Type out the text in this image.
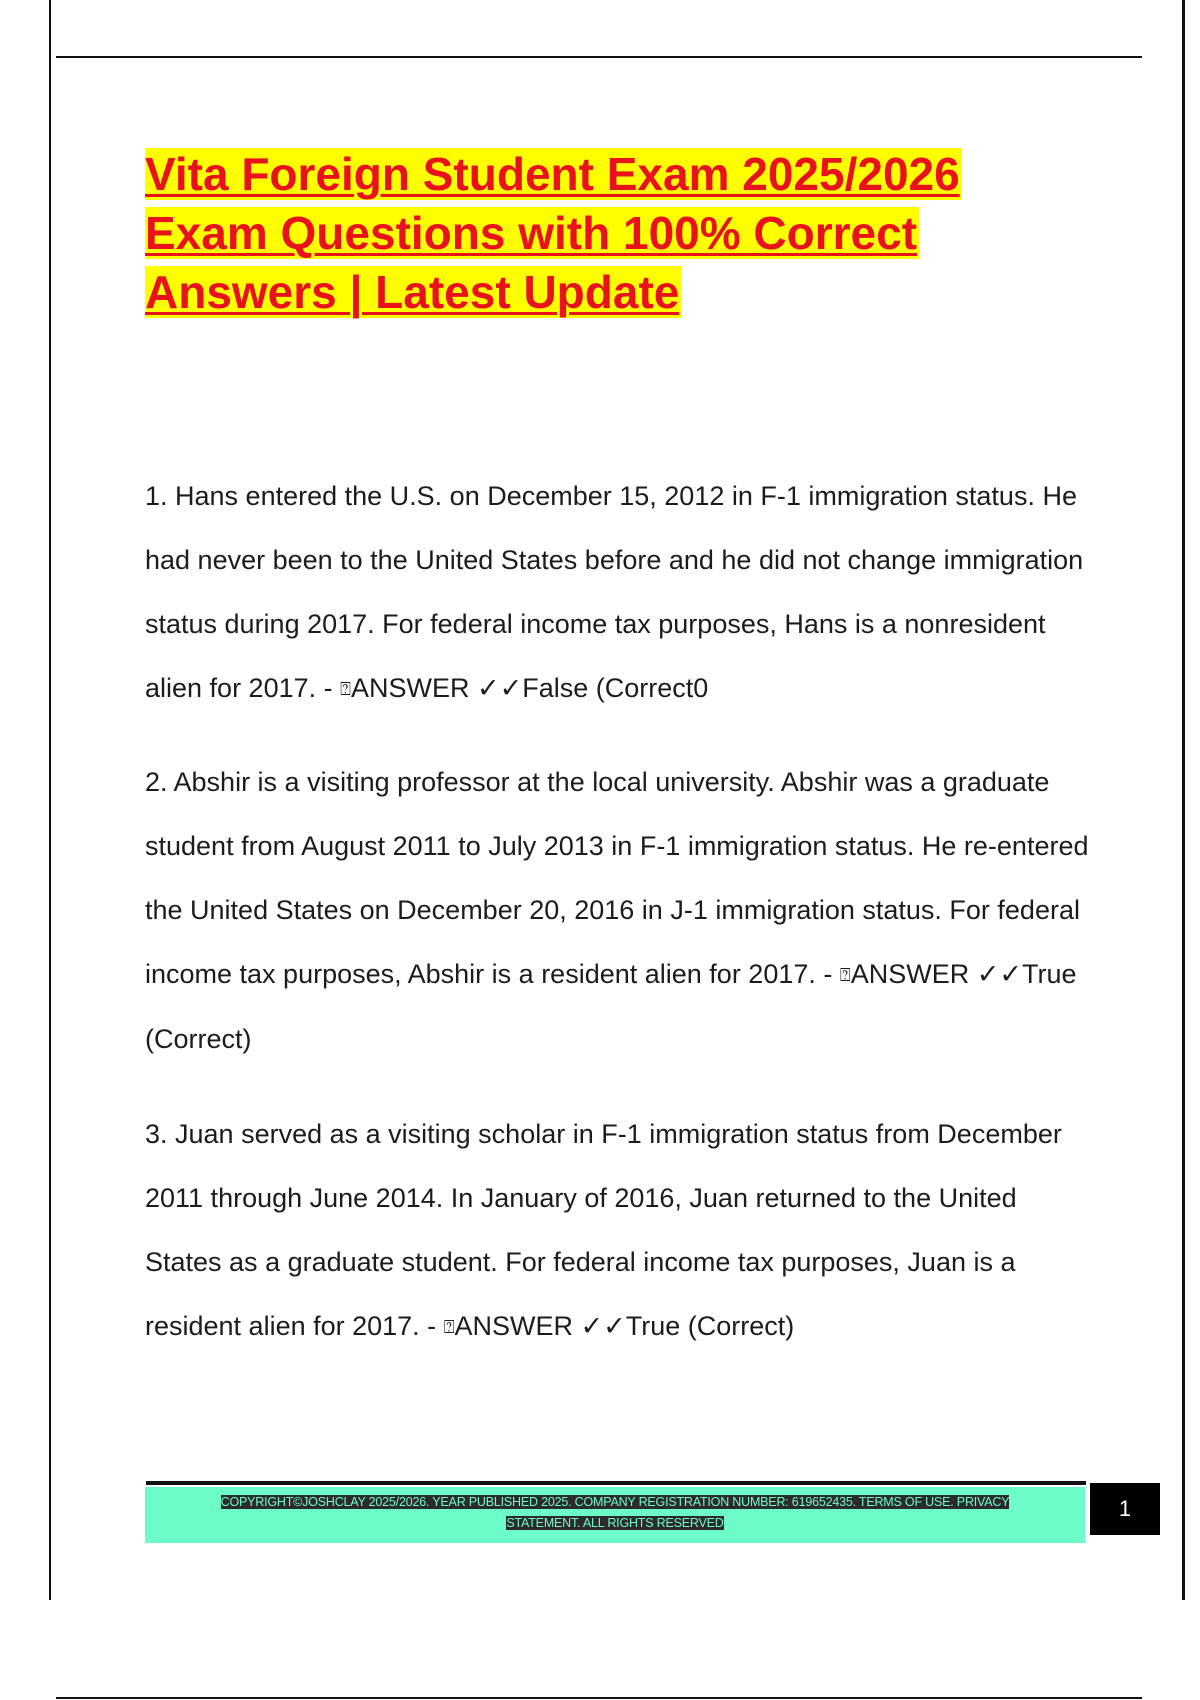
Vita Foreign Student Exam 2025/2026
Exam Questions with 100% Correct
Answers | Latest Update
1. Hans entered the U.S. on December 15, 2012 in F-1 immigration status. He had never been to the United States before and he did not change immigration status during 2017. For federal income tax purposes, Hans is a nonresident alien for 2017. - ⍰ANSWER ✓✓False (Correct0
2. Abshir is a visiting professor at the local university. Abshir was a graduate student from August 2011 to July 2013 in F-1 immigration status. He re-entered the United States on December 20, 2016 in J-1 immigration status. For federal income tax purposes, Abshir is a resident alien for 2017. - ⍰ANSWER ✓✓True (Correct)
3. Juan served as a visiting scholar in F-1 immigration status from December 2011 through June 2014. In January of 2016, Juan returned to the United States as a graduate student. For federal income tax purposes, Juan is a resident alien for 2017. - ⍰ANSWER ✓✓True (Correct)
COPYRIGHT©JOSHCLAY 2025/2026. YEAR PUBLISHED 2025. COMPANY REGISTRATION NUMBER: 619652435. TERMS OF USE. PRIVACY
STATEMENT. ALL RIGHTS RESERVED
1
